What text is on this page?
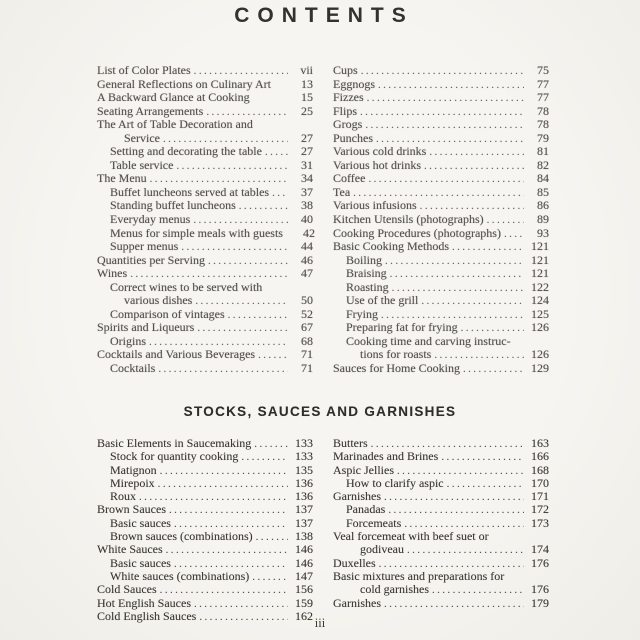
CONTENTS
List of Color Plates .....	vii
General Reflections on Culinary Art	13
A Backward Glance at Cooking	15
Seating Arrangements .....	25
The Art of Table Decoration and
Service .....	27
Setting and decorating the table .....	27
Table service .....	31
The Menu .....	34
Buffet luncheons served at tables .....	37
Standing buffet luncheons .....	38
Everyday menus .....	40
Menus for simple meals with guests	42
Supper menus .....	44
Quantities per Serving .....	46
Wines .....	47
Correct wines to be served with
various dishes .....	50
Comparison of vintages .....	52
Spirits and Liqueurs .....	67
Origins .....	68
Cocktails and Various Beverages .....	71
Cocktails .....	71
Cups .....	75
Eggnogs .....	77
Fizzes .....	77
Flips .....	78
Grogs .....	78
Punches .....	79
Various cold drinks .....	81
Various hot drinks .....	82
Coffee .....	84
Tea .....	85
Various infusions .....	86
Kitchen Utensils (photographs) .....	89
Cooking Procedures (photographs) .....	93
Basic Cooking Methods .....	121
Boiling .....	121
Braising .....	121
Roasting .....	122
Use of the grill .....	124
Frying .....	125
Preparing fat for frying .....	126
Cooking time and carving instruc-
tions for roasts .....	126
Sauces for Home Cooking .....	129
STOCKS, SAUCES AND GARNISHES
Basic Elements in Saucemaking .....	133
Stock for quantity cooking .....	133
Matignon .....	135
Mirepoix .....	136
Roux .....	136
Brown Sauces .....	137
Basic sauces .....	137
Brown sauces (combinations) .....	138
White Sauces .....	146
Basic sauces .....	146
White sauces (combinations) .....	147
Cold Sauces .....	156
Hot English Sauces .....	159
Cold English Sauces .....	162
Butters .....	163
Marinades and Brines .....	166
Aspic Jellies .....	168
How to clarify aspic .....	170
Garnishes .....	171
Panadas .....	172
Forcemeats .....	173
Veal forcemeat with beef suet or
godiveau .....	174
Duxelles .....	176
Basic mixtures and preparations for
cold garnishes .....	176
Garnishes .....	179
iii
